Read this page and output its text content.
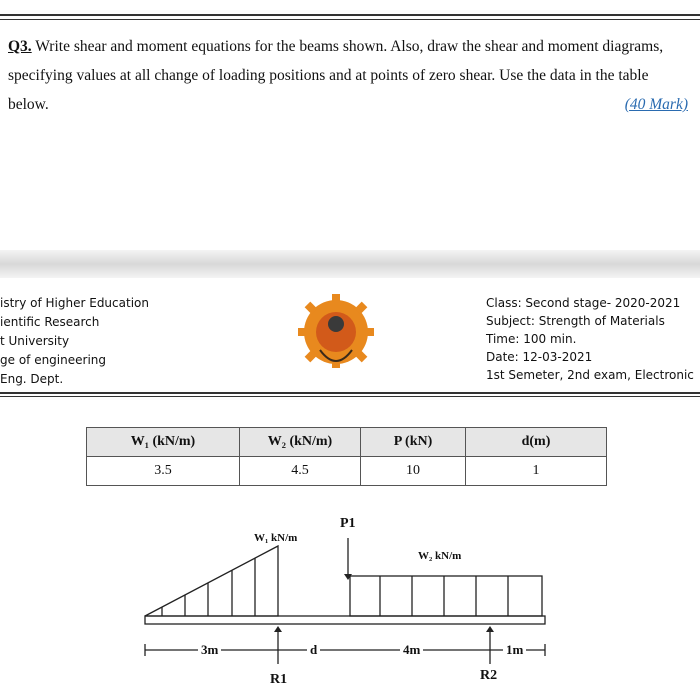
Q3. Write shear and moment equations for the beams shown. Also, draw the shear and moment diagrams, specifying values at all change of loading positions and at points of zero shear. Use the data in the table below.	(40 Mark)
istry of Higher Education
ientific Research
t University
ge of engineering
Eng. Dept.
Class: Second stage- 2020-2021
Subject: Strength of Materials
Time: 100 min.
Date: 12-03-2021
1st Semeter, 2nd exam, Electronic
W₁ (kN/m)	W₂ (kN/m)	P (kN)	d(m)
3.5	4.5	10	1
W₁ kN/m
P1
W₂ kN/m
3m	d	4m	1m
R1	R2
